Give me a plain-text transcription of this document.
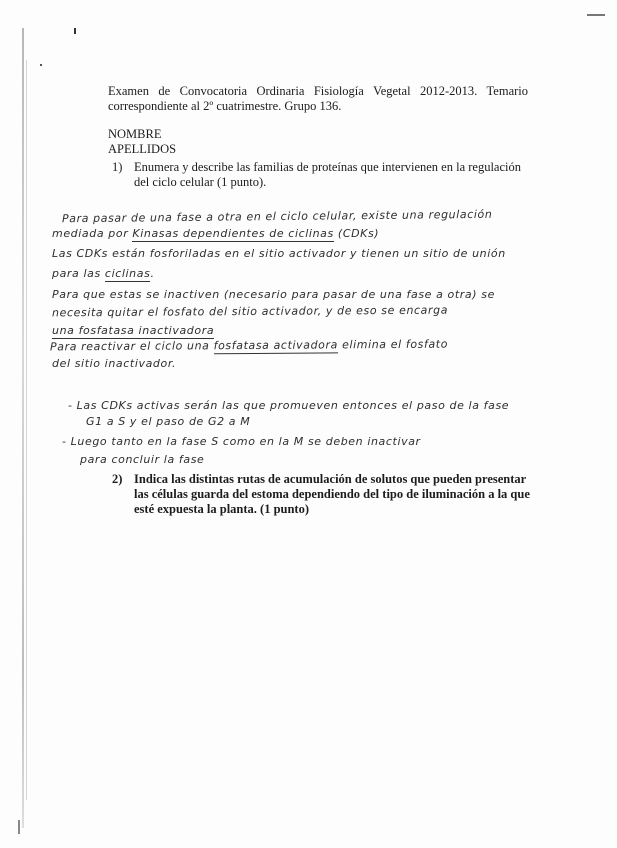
Examen de Convocatoria Ordinaria Fisiología Vegetal 2012-2013. Temario
correspondiente al 2º cuatrimestre. Grupo 136.
NOMBRE
APELLIDOS
1) Enumera y describe las familias de proteínas que intervienen en la regulación del ciclo celular (1 punto).

Para pasar de una fase a otra en el ciclo celular, existe una regulación

mediada por Kinasas dependientes de ciclinas (CDKs)

Las CDKs están fosforiladas en el sitio activador y tienen un sitio de unión

para las ciclinas.

Para que estas se inactiven (necesario para pasar de una fase a otra) se

necesita quitar el fosfato del sitio activador, y de eso se encarga

una fosfatasa inactivadora

Para reactivar el ciclo una fosfatasa activadora elimina el fosfato

del sitio inactivador.

- Las CDKs activas serán las que promueven entonces el paso de la fase

G1 a S y el paso de G2 a M

- Luego tanto en la fase S como en la M se deben inactivar

para concluir la fase

2) Indica las distintas rutas de acumulación de solutos que pueden presentar las células guarda del estoma dependiendo del tipo de iluminación a la que esté expuesta la planta. (1 punto)
